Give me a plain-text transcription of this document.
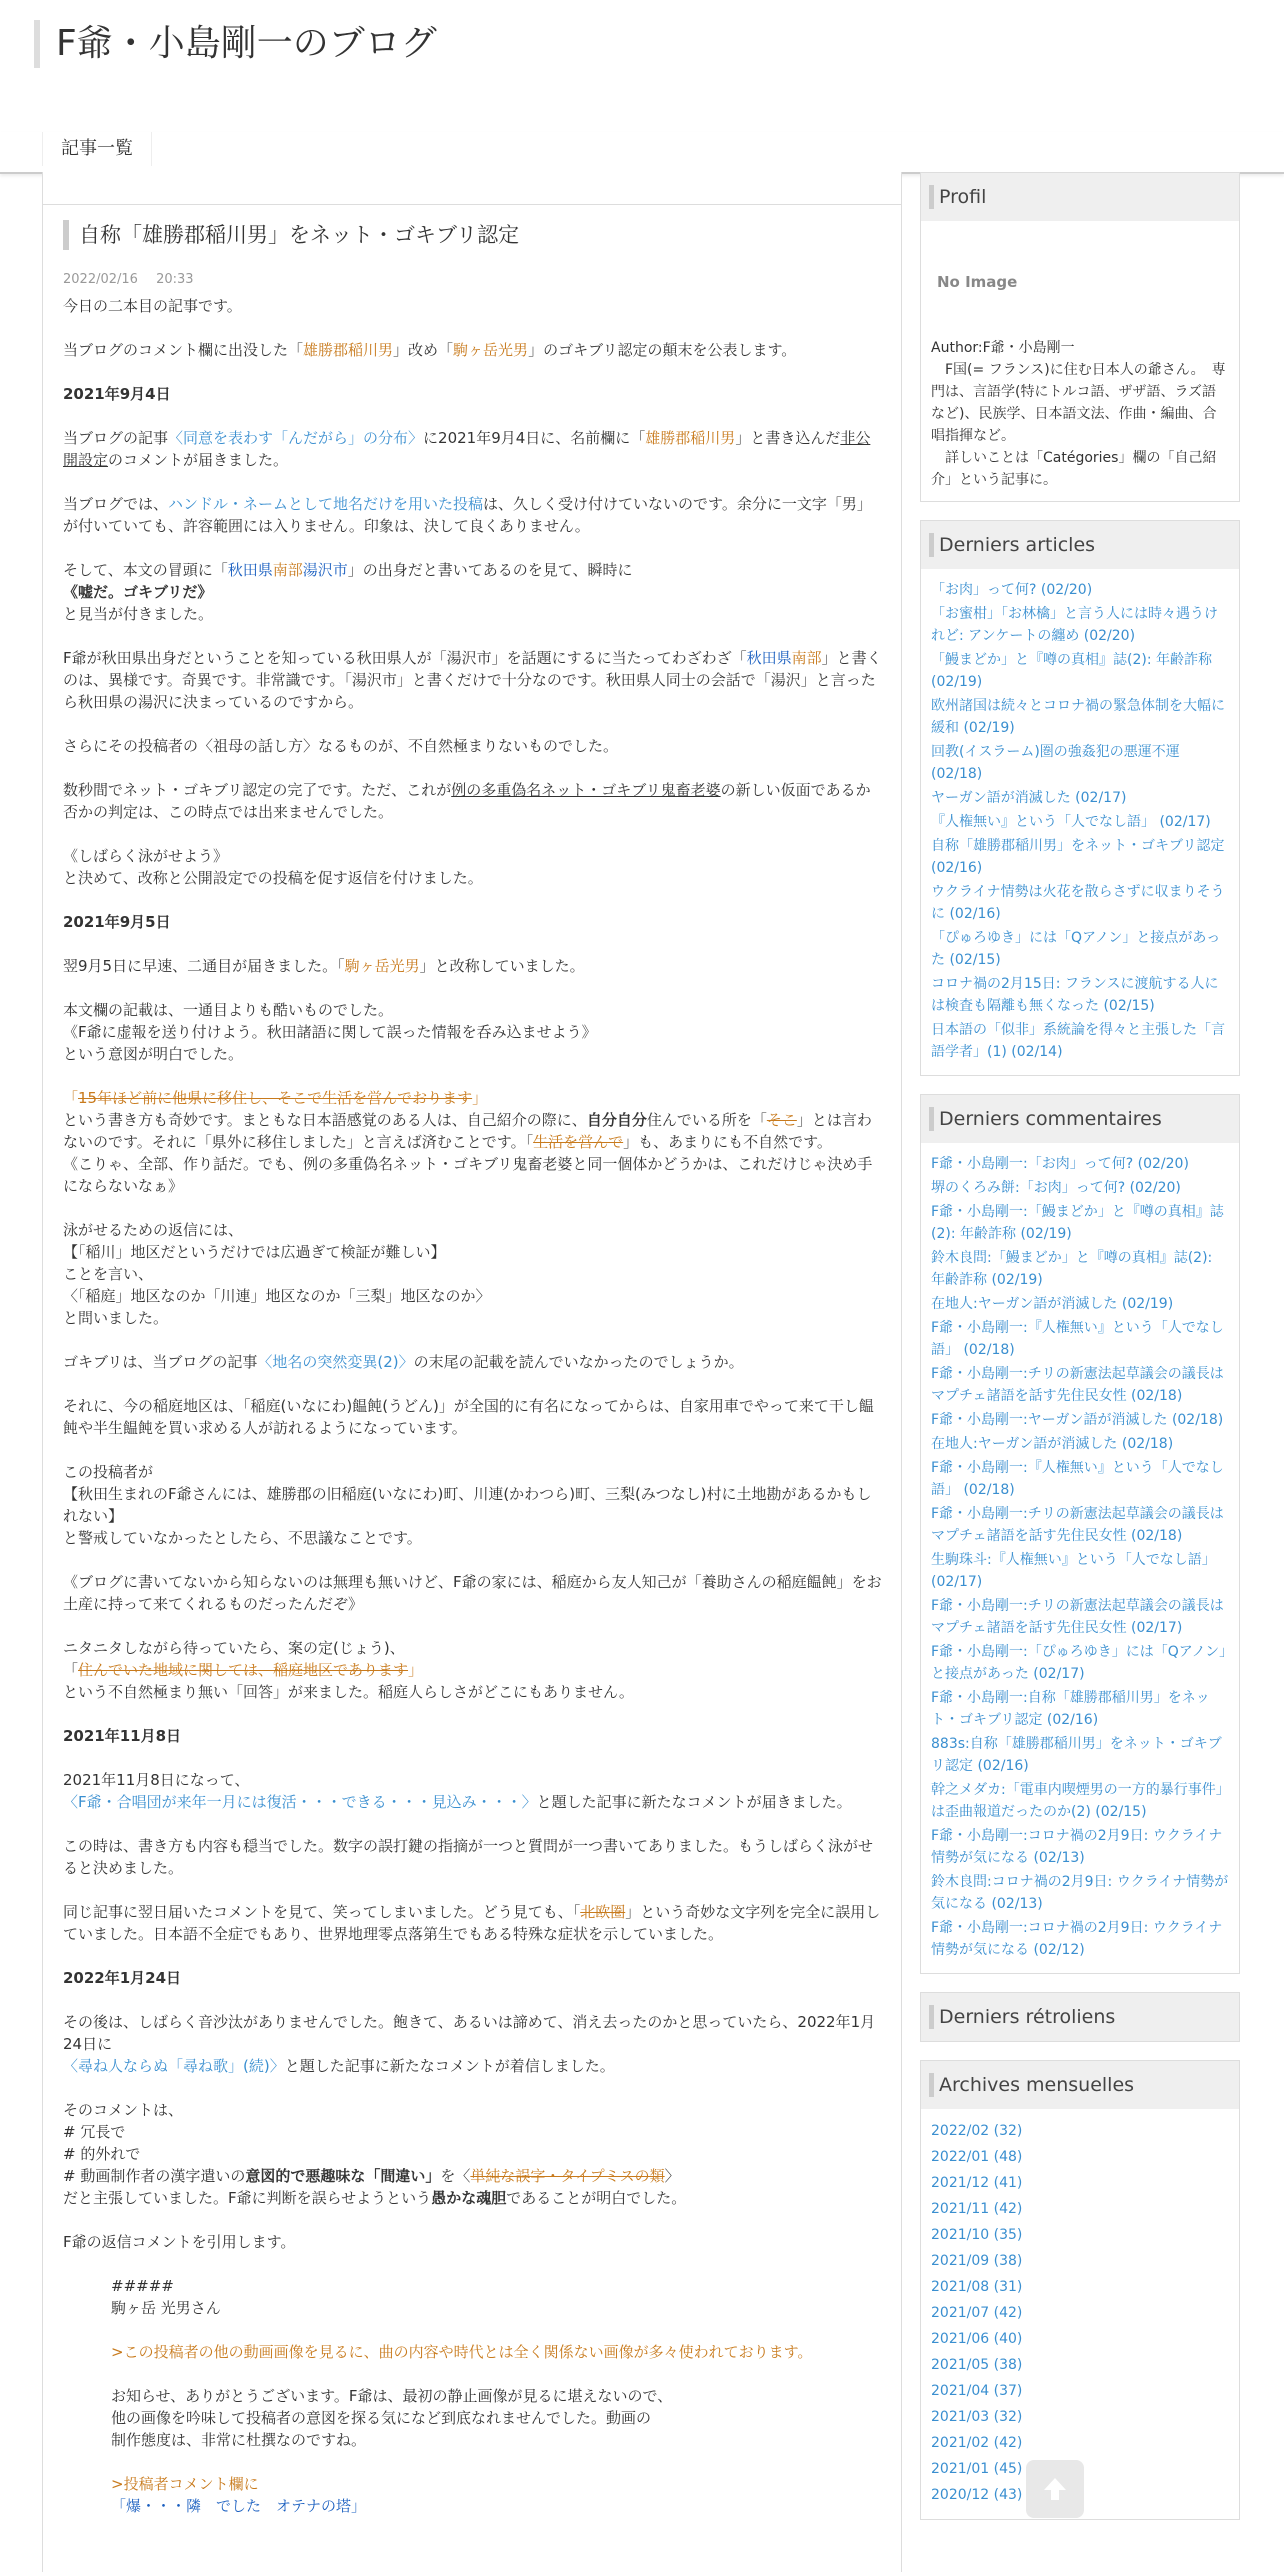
F爺・小島剛一のブログ
記事一覧
自称「雄勝郡稲川男」をネット・ゴキブリ認定
2022/02/16 20:33
今日の二本目の記事です。
当ブログのコメント欄に出没した「雄勝郡稲川男」改め「駒ヶ岳光男」のゴキブリ認定の顛末を公表します。
2021年9月4日
当ブログの記事〈同意を表わす「んだがら」の分布〉に2021年9月4日に、名前欄に「雄勝郡稲川男」と書き込んだ非公開設定のコメントが届きました。
当ブログでは、ハンドル・ネームとして地名だけを用いた投稿は、久しく受け付けていないのです。余分に一文字「男」が付いていても、許容範囲には入りません。印象は、決して良くありません。
そして、本文の冒頭に「秋田県南部湯沢市」の出身だと書いてあるのを見て、瞬時に
《嘘だ。ゴキブリだ》
と見当が付きました。
F爺が秋田県出身だということを知っている秋田県人が「湯沢市」を話題にするに当たってわざわざ「秋田県南部」と書くのは、異様です。奇異です。非常識です。「湯沢市」と書くだけで十分なのです。秋田県人同士の会話で「湯沢」と言ったら秋田県の湯沢に決まっているのですから。
さらにその投稿者の〈祖母の話し方〉なるものが、不自然極まりないものでした。
数秒間でネット・ゴキブリ認定の完了です。ただ、これが例の多重偽名ネット・ゴキブリ鬼畜老婆の新しい仮面であるか否かの判定は、この時点では出来ませんでした。
《しばらく泳がせよう》
と決めて、改称と公開設定での投稿を促す返信を付けました。
2021年9月5日
翌9月5日に早速、二通目が届きました。「駒ヶ岳光男」と改称していました。
本文欄の記載は、一通目よりも酷いものでした。
《F爺に虚報を送り付けよう。秋田諸語に関して誤った情報を呑み込ませよう》
という意図が明白でした。
「15年ほど前に他県に移住し、そこで生活を営んでおります」
という書き方も奇妙です。まともな日本語感覚のある人は、自己紹介の際に、自分自分住んでいる所を「そこ」とは言わないのです。それに「県外に移住しました」と言えば済むことです。「生活を営んで」も、あまりにも不自然です。
《こりゃ、全部、作り話だ。でも、例の多重偽名ネット・ゴキブリ鬼畜老婆と同一個体かどうかは、これだけじゃ決め手にならないなぁ》
泳がせるための返信には、
【「稲川」地区だというだけでは広過ぎて検証が難しい】
ことを言い、
〈「稲庭」地区なのか「川連」地区なのか「三梨」地区なのか〉
と問いました。
ゴキブリは、当ブログの記事〈地名の突然変異(2)〉の末尾の記載を読んでいなかったのでしょうか。
それに、今の稲庭地区は、「稲庭(いなにわ)饂飩(うどん)」が全国的に有名になってからは、自家用車でやって来て干し饂飩や半生饂飩を買い求める人が訪れるようになっています。
この投稿者が
【秋田生まれのF爺さんには、雄勝郡の旧稲庭(いなにわ)町、川連(かわつら)町、三梨(みつなし)村に土地勘があるかもしれない】
と警戒していなかったとしたら、不思議なことです。
《ブログに書いてないから知らないのは無理も無いけど、F爺の家には、稲庭から友人知己が「養助さんの稲庭饂飩」をお土産に持って来てくれるものだったんだぞ》
ニタニタしながら待っていたら、案の定(じょう)、
「住んでいた地域に関しては、稲庭地区であります」
という不自然極まり無い「回答」が来ました。稲庭人らしさがどこにもありません。
2021年11月8日
2021年11月8日になって、
〈F爺・合唱団が来年一月には復活・・・できる・・・見込み・・・〉と題した記事に新たなコメントが届きました。
この時は、書き方も内容も穏当でした。数字の誤打鍵の指摘が一つと質問が一つ書いてありました。もうしばらく泳がせると決めました。
同じ記事に翌日届いたコメントを見て、笑ってしまいました。どう見ても、「北欧圏」という奇妙な文字列を完全に誤用していました。日本語不全症でもあり、世界地理零点落第生でもある特殊な症状を示していました。
2022年1月24日
その後は、しばらく音沙汰がありませんでした。飽きて、あるいは諦めて、消え去ったのかと思っていたら、2022年1月24日に
〈尋ね人ならぬ「尋ね歌」(続)〉と題した記事に新たなコメントが着信しました。
そのコメントは、
# 冗長で
# 的外れで
# 動画制作者の漢字遣いの意図的で悪趣味な「間違い」を〈単純な誤字・タイプミスの類〉
だと主張していました。F爺に判断を誤らせようという愚かな魂胆であることが明白でした。
F爺の返信コメントを引用します。
#####
駒ヶ岳 光男さん
>この投稿者の他の動画画像を見るに、曲の内容や時代とは全く関係ない画像が多々使われております。
お知らせ、ありがとうございます。F爺は、最初の静止画像が見るに堪えないので、
他の画像を吟味して投稿者の意図を探る気になど到底なれませんでした。動画の
制作態度は、非常に杜撰なのですね。
>投稿者コメント欄に
「爆・・・隣　でした　オテナの塔」
Profil
No Image
Author:F爺・小島剛一
　F国(= フランス)に住む日本人の爺さん。　専門は、言語学(特にトルコ語、ザザ語、ラズ語など)、民族学、日本語文法、作曲・編曲、合唱指揮など。
　詳しいことは「Catégories」欄の「自己紹介」という記事に。
Derniers articles
「お肉」って何? (02/20)
「お蜜柑」「お林檎」と言う人には時々遇うけれど: アンケートの纏め (02/20)
「鰻まどか」と『噂の真相』誌(2): 年齢詐称 (02/19)
欧州諸国は続々とコロナ禍の緊急体制を大幅に緩和 (02/19)
回教(イスラーム)圏の強姦犯の悪運不運 (02/18)
ヤーガン語が消滅した (02/17)
『人権無い』という「人でなし語」 (02/17)
自称「雄勝郡稲川男」をネット・ゴキブリ認定 (02/16)
ウクライナ情勢は火花を散らさずに収まりそうに (02/16)
「ぴゅろゆき」には「Qアノン」と接点があった (02/15)
コロナ禍の2月15日: フランスに渡航する人には検査も隔離も無くなった (02/15)
日本語の「似非」系統論を得々と主張した「言語学者」(1) (02/14)
Derniers commentaires
F爺・小島剛一:「お肉」って何? (02/20)
堺のくろみ餅:「お肉」って何? (02/20)
F爺・小島剛一:「鰻まどか」と『噂の真相』誌(2): 年齢詐称 (02/19)
鈴木良問:「鰻まどか」と『噂の真相』誌(2): 年齢詐称 (02/19)
在地人:ヤーガン語が消滅した (02/19)
F爺・小島剛一:『人権無い』という「人でなし語」 (02/18)
F爺・小島剛一:チリの新憲法起草議会の議長はマプチェ諸語を話す先住民女性 (02/18)
F爺・小島剛一:ヤーガン語が消滅した (02/18)
在地人:ヤーガン語が消滅した (02/18)
F爺・小島剛一:『人権無い』という「人でなし語」 (02/18)
F爺・小島剛一:チリの新憲法起草議会の議長はマプチェ諸語を話す先住民女性 (02/18)
生駒珠斗:『人権無い』という「人でなし語」 (02/17)
F爺・小島剛一:チリの新憲法起草議会の議長はマプチェ諸語を話す先住民女性 (02/17)
F爺・小島剛一:「ぴゅろゆき」には「Qアノン」と接点があった (02/17)
F爺・小島剛一:自称「雄勝郡稲川男」をネット・ゴキブリ認定 (02/16)
883s:自称「雄勝郡稲川男」をネット・ゴキブリ認定 (02/16)
幹之メダカ:「電車内喫煙男の一方的暴行事件」は歪曲報道だったのか(2) (02/15)
F爺・小島剛一:コロナ禍の2月9日: ウクライナ情勢が気になる (02/13)
鈴木良問:コロナ禍の2月9日: ウクライナ情勢が気になる (02/13)
F爺・小島剛一:コロナ禍の2月9日: ウクライナ情勢が気になる (02/12)
Derniers rétroliens
Archives mensuelles
2022/02 (32)
2022/01 (48)
2021/12 (41)
2021/11 (42)
2021/10 (35)
2021/09 (38)
2021/08 (31)
2021/07 (42)
2021/06 (40)
2021/05 (38)
2021/04 (37)
2021/03 (32)
2021/02 (42)
2021/01 (45)
2020/12 (43)
